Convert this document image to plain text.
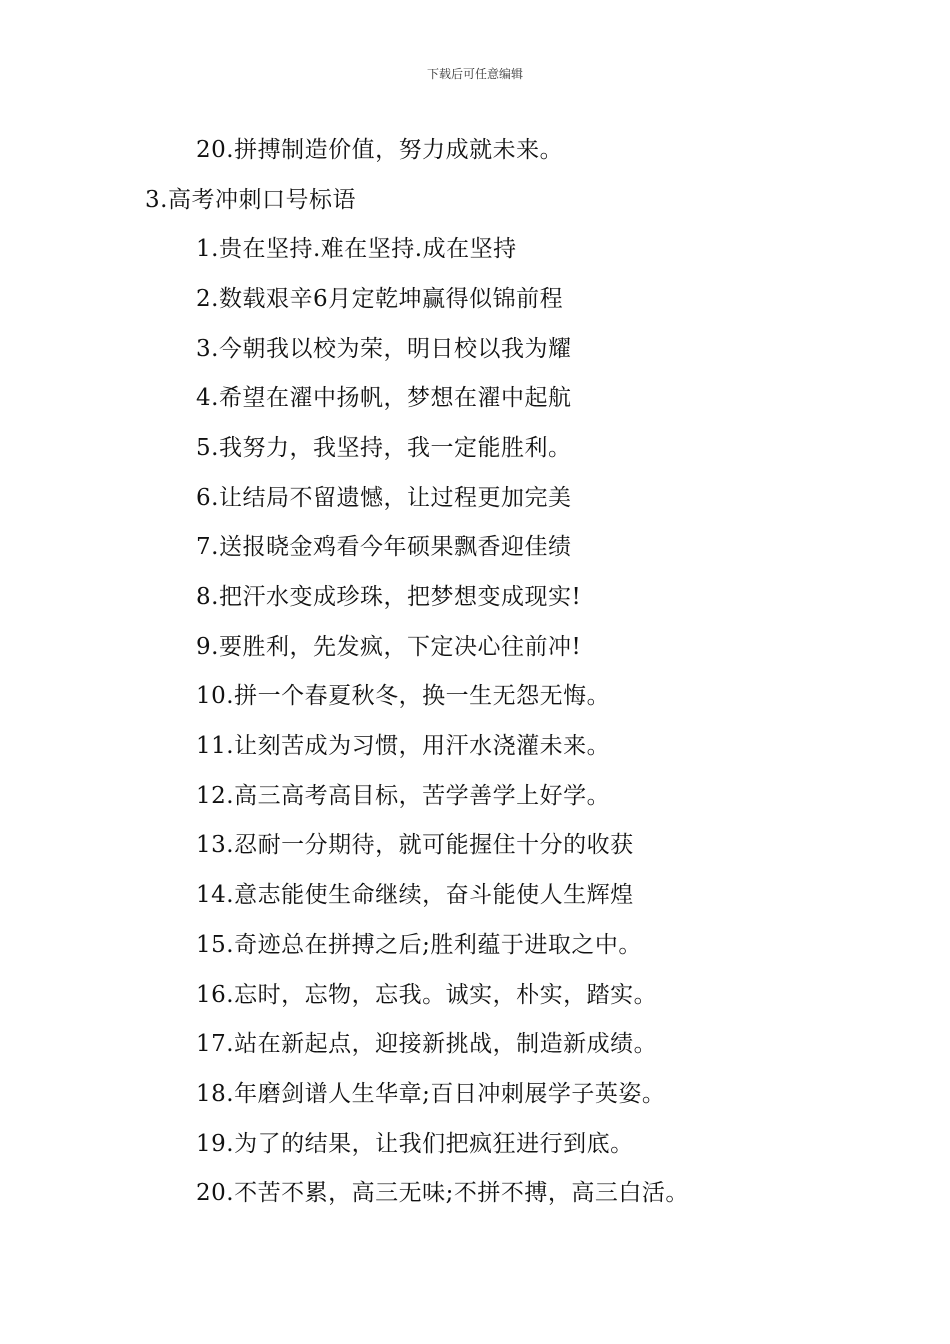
下载后可任意编辑
20.拼搏制造价值，努力成就未来。
3.高考冲刺口号标语
1.贵在坚持.难在坚持.成在坚持
2.数载艰辛6月定乾坤赢得似锦前程
3.今朝我以校为荣，明日校以我为耀
4.希望在濯中扬帆，梦想在濯中起航
5.我努力，我坚持，我一定能胜利。
6.让结局不留遗憾，让过程更加完美
7.送报晓金鸡看今年硕果飘香迎佳绩
8.把汗水变成珍珠，把梦想变成现实!
9.要胜利，先发疯，下定决心往前冲!
10.拼一个春夏秋冬，换一生无怨无悔。
11.让刻苦成为习惯，用汗水浇灌未来。
12.高三高考高目标，苦学善学上好学。
13.忍耐一分期待，就可能握住十分的收获
14.意志能使生命继续，奋斗能使人生辉煌
15.奇迹总在拼搏之后;胜利蕴于进取之中。
16.忘时，忘物，忘我。诚实，朴实，踏实。
17.站在新起点，迎接新挑战，制造新成绩。
18.年磨剑谱人生华章;百日冲刺展学子英姿。
19.为了的结果，让我们把疯狂进行到底。
20.不苦不累，高三无味;不拼不搏，高三白活。
